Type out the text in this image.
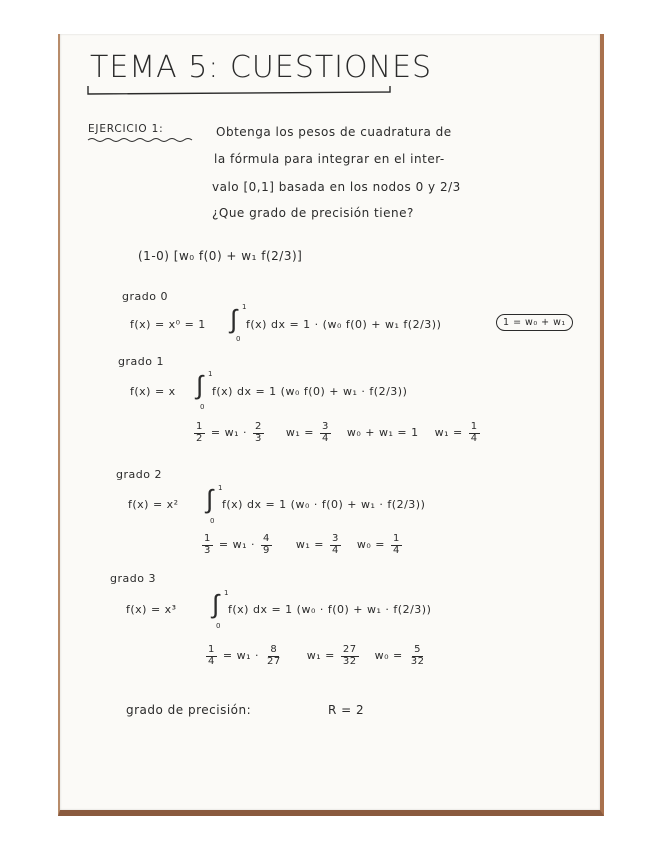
TEMA 5: CUESTIONES
EJERCICIO 1:	Obtenga los pesos de cuadratura de
la fórmula para integrar en el inter-
valo [0,1] basada en los nodos 0 y 2/3
¿Que grado de precisión tiene?
(1-0) [w₀ f(0) + w₁ f(2/3)]
grado 0
f(x) = x⁰ = 1 ∫ 1
0
f(x) dx = 1 · (w₀ f(0) + w₁ f(2/3))	1 = w₀ + w₁
grado 1
f(x) = x ∫ 1
0
f(x) dx = 1 (w₀ f(0) + w₁ · f(2/3))
$\frac{1}{2} = w_1 \cdot \frac{2}{3} w_1 = \frac{3}{4} w_0 + w_1 = 1$ $w_1 = \frac{1}{4}$
grado 2
f(x) = x² ∫ 1
0
f(x) dx = 1 (w₀ · f(0) + w₁ · f(2/3))
$\frac{1}{3} = w_1 \cdot \frac{4}{9} w_1 = \frac{3}{4} w_0 = \frac{1}{4}$
grado 3
f(x) = x³ ∫ 1
0
f(x) dx = 1 (w₀ · f(0) + w₁ · f(2/3))
$\frac{1}{4} = w_1 \cdot \frac{8}{27} w_1 = \frac{27}{32} w_0 = \frac{5}{32}$
grado de precisión:	R = 2
